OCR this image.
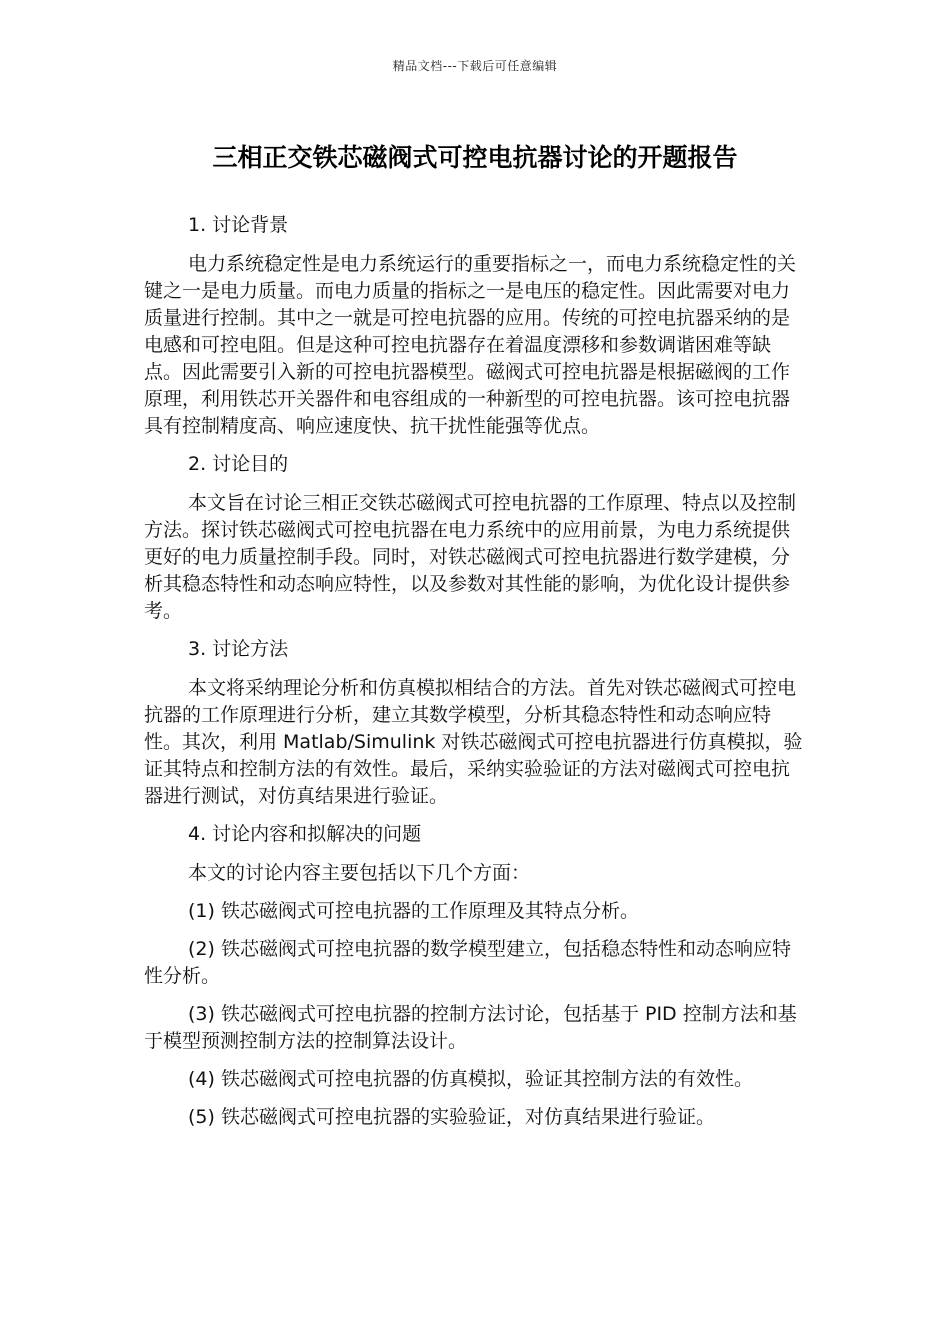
精品文档---下载后可任意编辑
三相正交铁芯磁阀式可控电抗器讨论的开题报告

1. 讨论背景

电力系统稳定性是电力系统运行的重要指标之一，而电力系统稳定性的关键之一是电力质量。而电力质量的指标之一是电压的稳定性。因此需要对电力质量进行控制。其中之一就是可控电抗器的应用。传统的可控电抗器采纳的是电感和可控电阻。但是这种可控电抗器存在着温度漂移和参数调谐困难等缺点。因此需要引入新的可控电抗器模型。磁阀式可控电抗器是根据磁阀的工作原理，利用铁芯开关器件和电容组成的一种新型的可控电抗器。该可控电抗器具有控制精度高、响应速度快、抗干扰性能强等优点。

2. 讨论目的

本文旨在讨论三相正交铁芯磁阀式可控电抗器的工作原理、特点以及控制方法。探讨铁芯磁阀式可控电抗器在电力系统中的应用前景，为电力系统提供更好的电力质量控制手段。同时，对铁芯磁阀式可控电抗器进行数学建模，分析其稳态特性和动态响应特性，以及参数对其性能的影响，为优化设计提供参考。

3. 讨论方法

本文将采纳理论分析和仿真模拟相结合的方法。首先对铁芯磁阀式可控电抗器的工作原理进行分析，建立其数学模型，分析其稳态特性和动态响应特性。其次，利用 Matlab/Simulink 对铁芯磁阀式可控电抗器进行仿真模拟，验证其特点和控制方法的有效性。最后，采纳实验验证的方法对磁阀式可控电抗器进行测试，对仿真结果进行验证。

4. 讨论内容和拟解决的问题

本文的讨论内容主要包括以下几个方面：

(1) 铁芯磁阀式可控电抗器的工作原理及其特点分析。

(2) 铁芯磁阀式可控电抗器的数学模型建立，包括稳态特性和动态响应特性分析。

(3) 铁芯磁阀式可控电抗器的控制方法讨论，包括基于 PID 控制方法和基于模型预测控制方法的控制算法设计。

(4) 铁芯磁阀式可控电抗器的仿真模拟，验证其控制方法的有效性。

(5) 铁芯磁阀式可控电抗器的实验验证，对仿真结果进行验证。
